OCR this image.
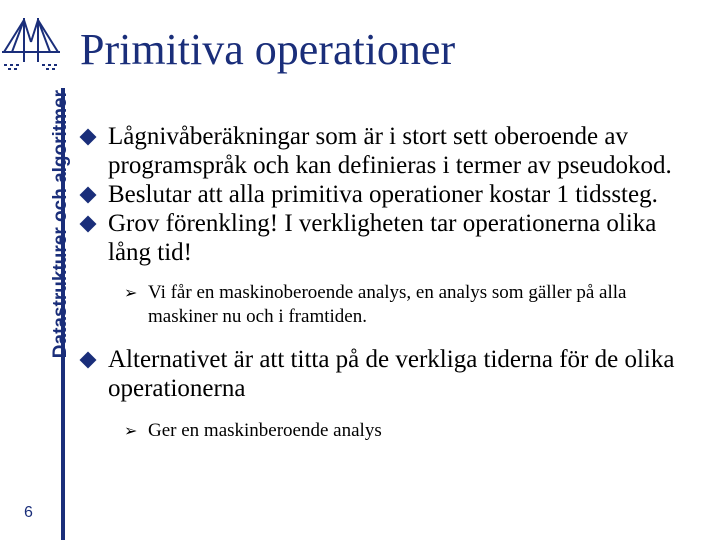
Datastrukturer och algoritmer
6
Primitiva operationer
Lågnivåberäkningar som är i stort sett oberoende av programspråk och kan definieras i termer av pseudokod.
Beslutar att alla primitiva operationer kostar 1 tidssteg.
Grov förenkling! I verkligheten tar operationerna olika lång tid!
➢ Vi får en maskinoberoende analys, en analys som gäller på alla maskiner nu och i framtiden.
Alternativet är att titta på de verkliga tiderna för de olika operationerna
➢ Ger en maskinberoende analys
